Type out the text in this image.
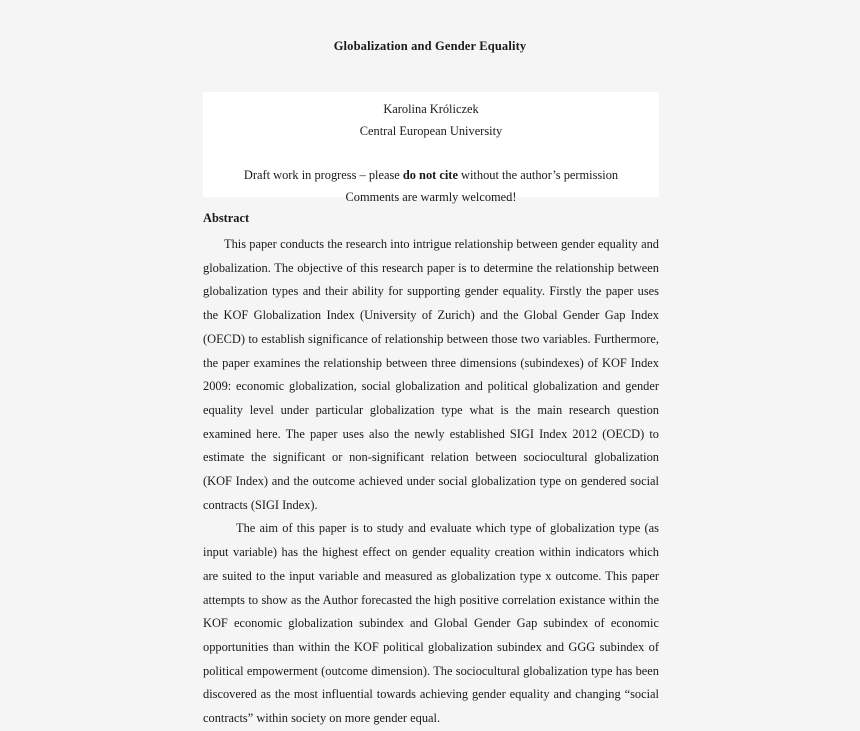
Globalization and Gender Equality
Karolina Króliczek
Central European University
Draft work in progress – please do not cite without the author’s permission
Comments are warmly welcomed!
Abstract

This paper conducts the research into intrigue relationship between gender equality and globalization. The objective of this research paper is to determine the relationship between globalization types and their ability for supporting gender equality. Firstly the paper uses the KOF Globalization Index (University of Zurich) and the Global Gender Gap Index (OECD) to establish significance of relationship between those two variables. Furthermore, the paper examines the relationship between three dimensions (subindexes) of KOF Index 2009: economic globalization, social globalization and political globalization and gender equality level under particular globalization type what is the main research question examined here. The paper uses also the newly established SIGI Index 2012 (OECD) to estimate the significant or non-significant relation between sociocultural globalization (KOF Index) and the outcome achieved under social globalization type on gendered social contracts (SIGI Index).

The aim of this paper is to study and evaluate which type of globalization type (as input variable) has the highest effect on gender equality creation within indicators which are suited to the input variable and measured as globalization type x outcome. This paper attempts to show as the Author forecasted the high positive correlation existance within the KOF economic globalization subindex and Global Gender Gap subindex of economic opportunities than within the KOF political globalization subindex and GGG subindex of political empowerment (outcome dimension). The sociocultural globalization type has been discovered as the most influential towards achieving gender equality and changing “social contracts” within society on more gender equal.
